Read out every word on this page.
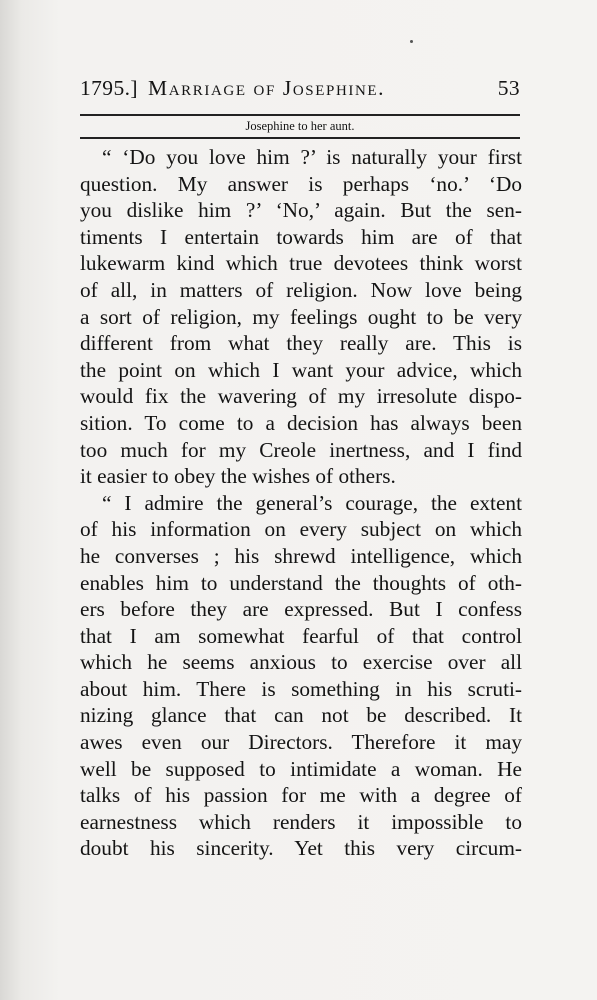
1795.] Marriage of Josephine.	53
Josephine to her aunt.
“ ‘Do you love him ?’ is naturally your first
question. My answer is perhaps ‘no.’ ‘Do
you dislike him ?’ ‘No,’ again. But the sen-
timents I entertain towards him are of that
lukewarm kind which true devotees think worst
of all, in matters of religion. Now love being
a sort of religion, my feelings ought to be very
different from what they really are. This is
the point on which I want your advice, which
would fix the wavering of my irresolute dispo-
sition. To come to a decision has always been
too much for my Creole inertness, and I find
it easier to obey the wishes of others.
“ I admire the general’s courage, the extent
of his information on every subject on which
he converses ; his shrewd intelligence, which
enables him to understand the thoughts of oth-
ers before they are expressed. But I confess
that I am somewhat fearful of that control
which he seems anxious to exercise over all
about him. There is something in his scruti-
nizing glance that can not be described. It
awes even our Directors. Therefore it may
well be supposed to intimidate a woman. He
talks of his passion for me with a degree of
earnestness which renders it impossible to
doubt his sincerity. Yet this very circum-
